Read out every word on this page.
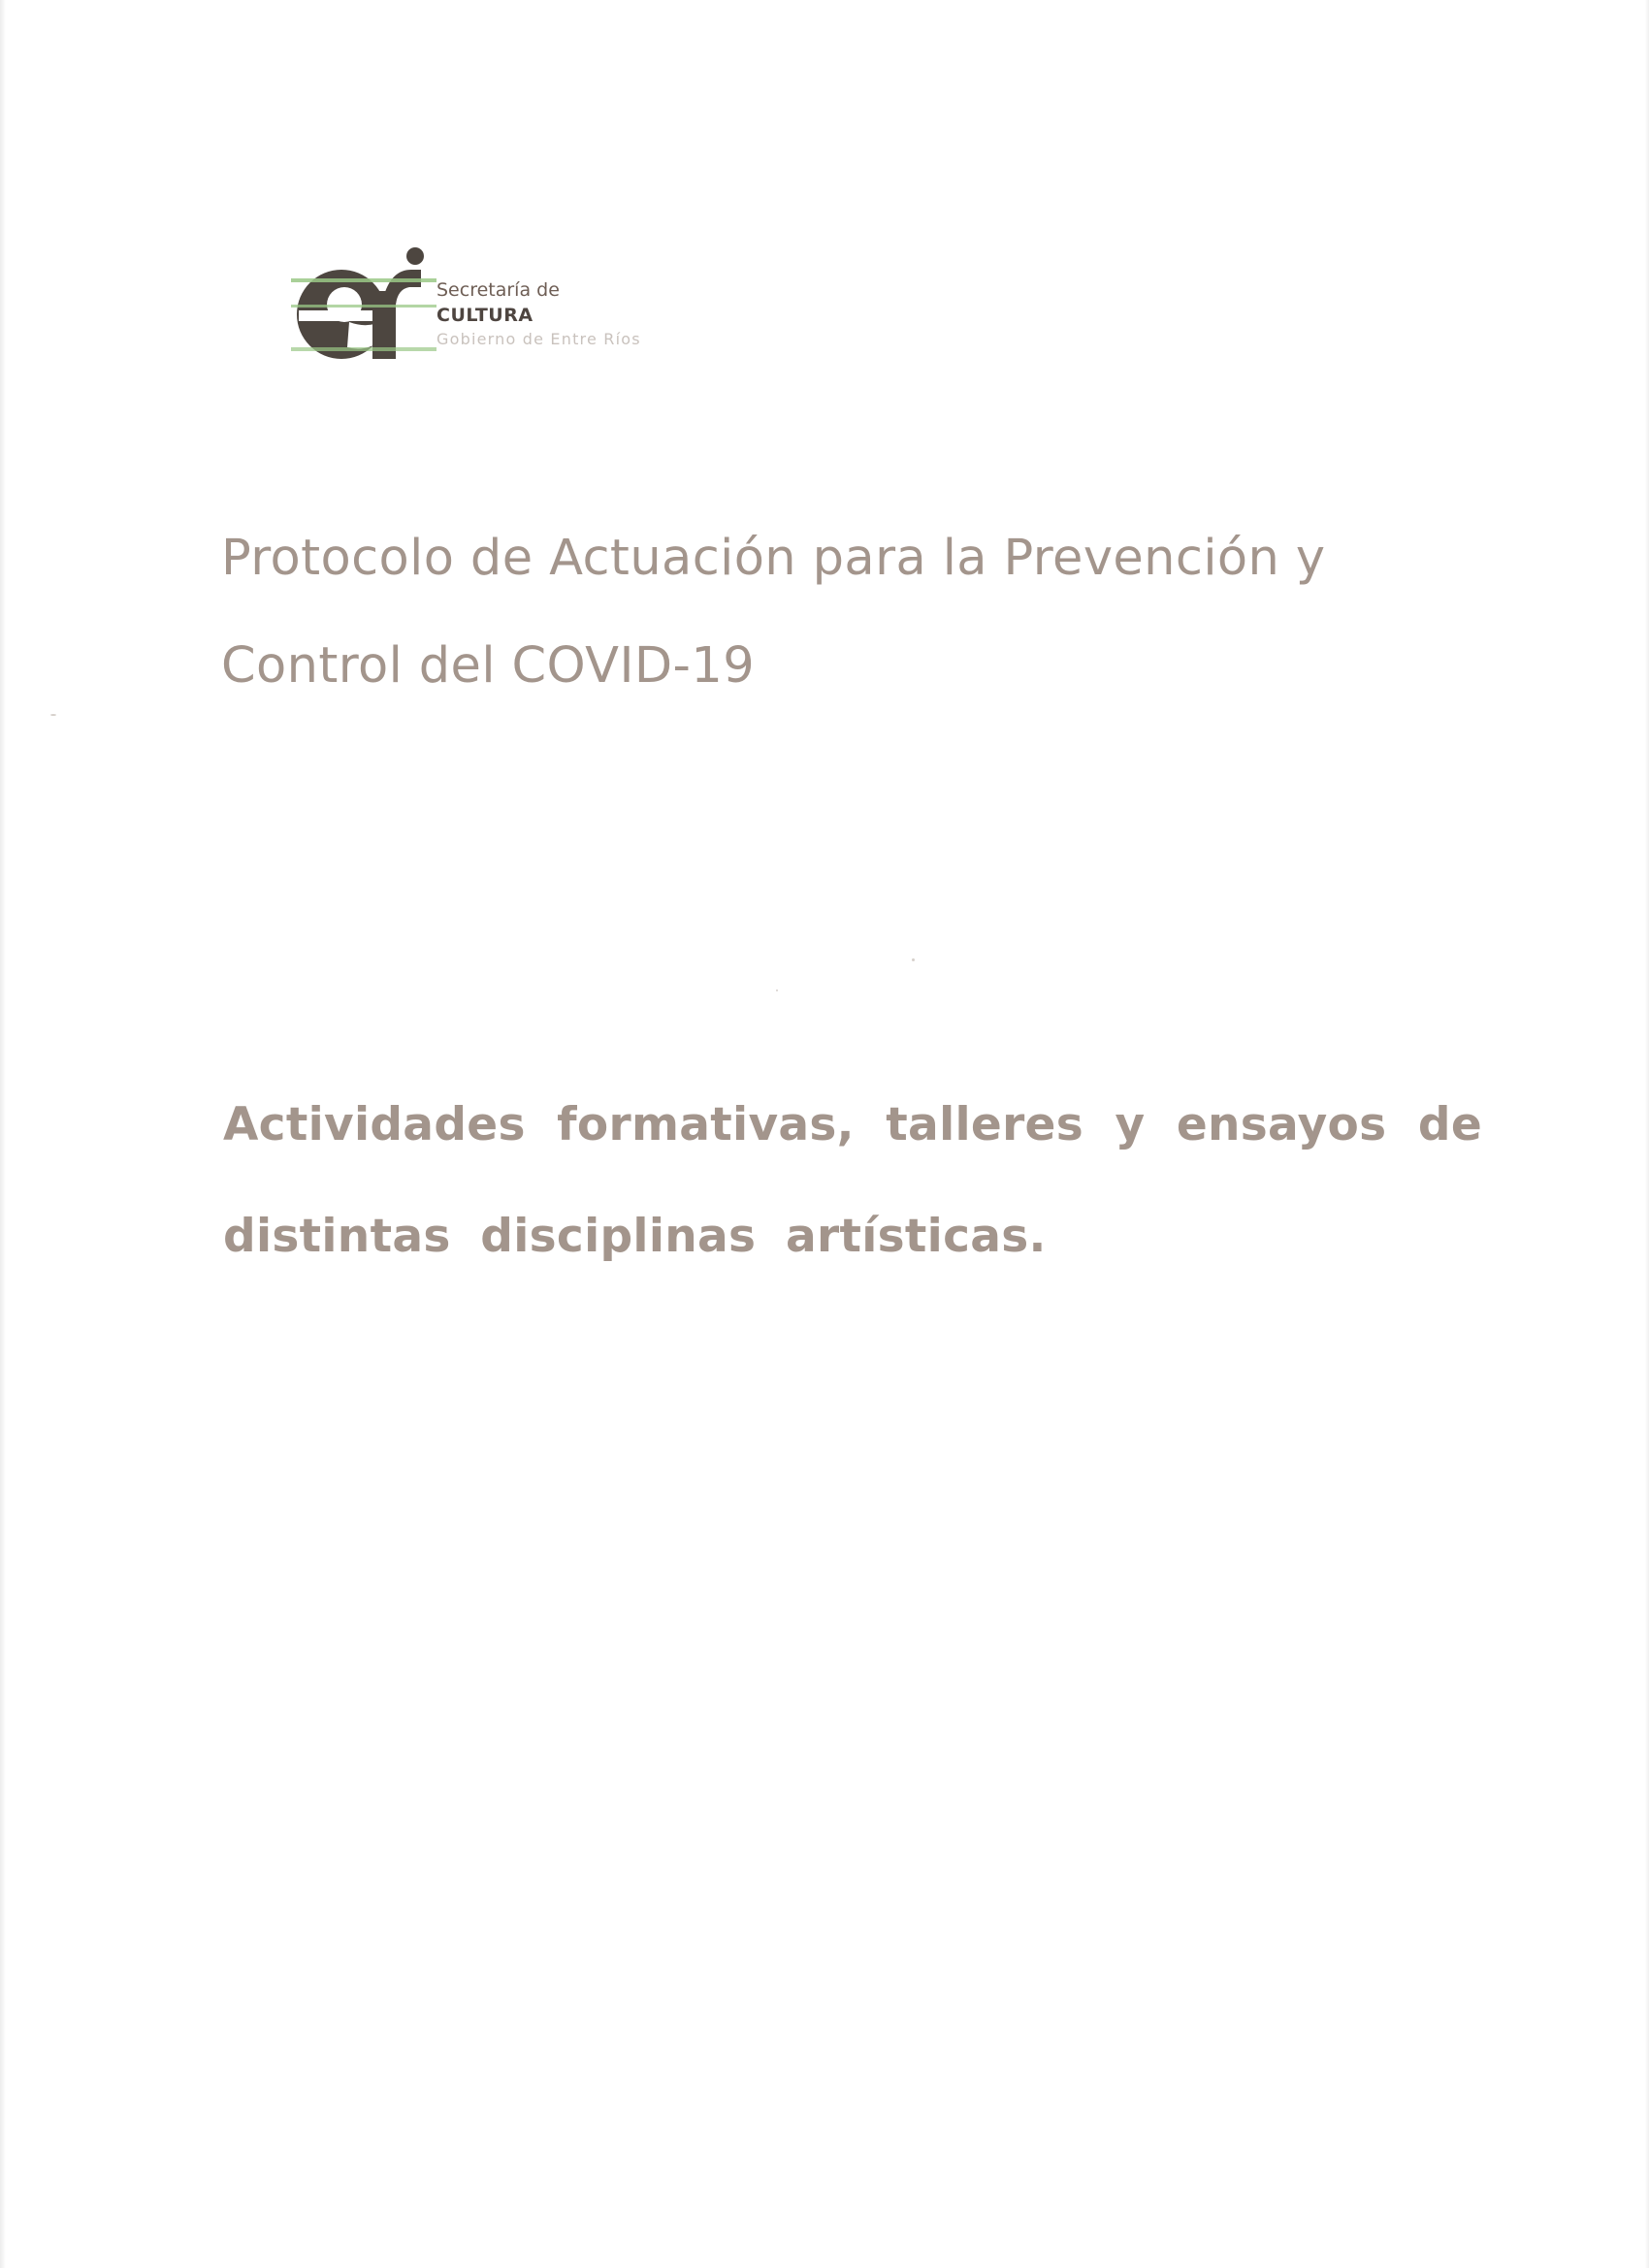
Secretaría de
CULTURA
Gobierno de Entre Ríos
Protocolo de Actuación para la Prevención y
Control del COVID-19
Actividades formativas, talleres y ensayos de distintas disciplinas artísticas.
